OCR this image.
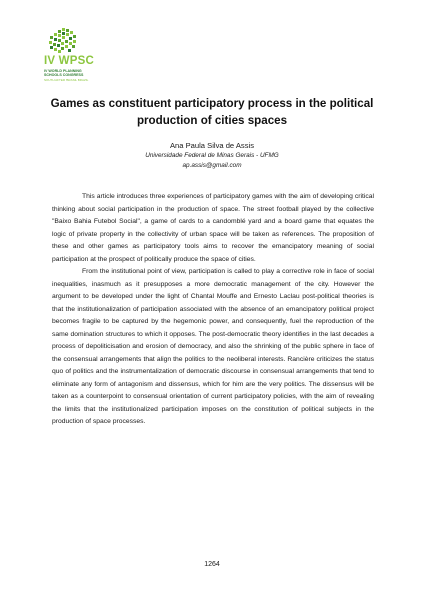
IV WPSC
IV WORLD PLANNING
SCHOOLS CONGRESS
SOUTH AFTER 'BRASIL BRAZIL
Games as constituent participatory process in the political production of cities spaces
Ana Paula Silva de Assis
Universidade Federal de Minas Gerais - UFMG
ap.assis@gmail.com

This article introduces three experiences of participatory games with the aim of developing critical thinking about social participation in the production of space. The street football played by the collective "Baixo Bahia Futebol Social", a game of cards to a candomblé yard and a board game that equates the logic of private property in the collectivity of urban space will be taken as references. The proposition of these and other games as participatory tools aims to recover the emancipatory meaning of social participation at the prospect of politically produce the space of cities.

From the institutional point of view, participation is called to play a corrective role in face of social inequalities, inasmuch as it presupposes a more democratic management of the city. However the argument to be developed under the light of Chantal Mouffe and Ernesto Laclau post-political theories is that the institutionalization of participation associated with the absence of an emancipatory political project becomes fragile to be captured by the hegemonic power, and consequently, fuel the reproduction of the same domination structures to which it opposes. The post-democratic theory identifies in the last decades a process of depoliticisation and erosion of democracy, and also the shrinking of the public sphere in face of the consensual arrangements that align the politics to the neoliberal interests. Rancière criticizes the status quo of politics and the instrumentalization of democratic discourse in consensual arrangements that tend to eliminate any form of antagonism and dissensus, which for him are the very politics. The dissensus will be taken as a counterpoint to consensual orientation of current participatory policies, with the aim of revealing the limits that the institutionalized participation imposes on the constitution of political subjects in the production of space processes.

1264
